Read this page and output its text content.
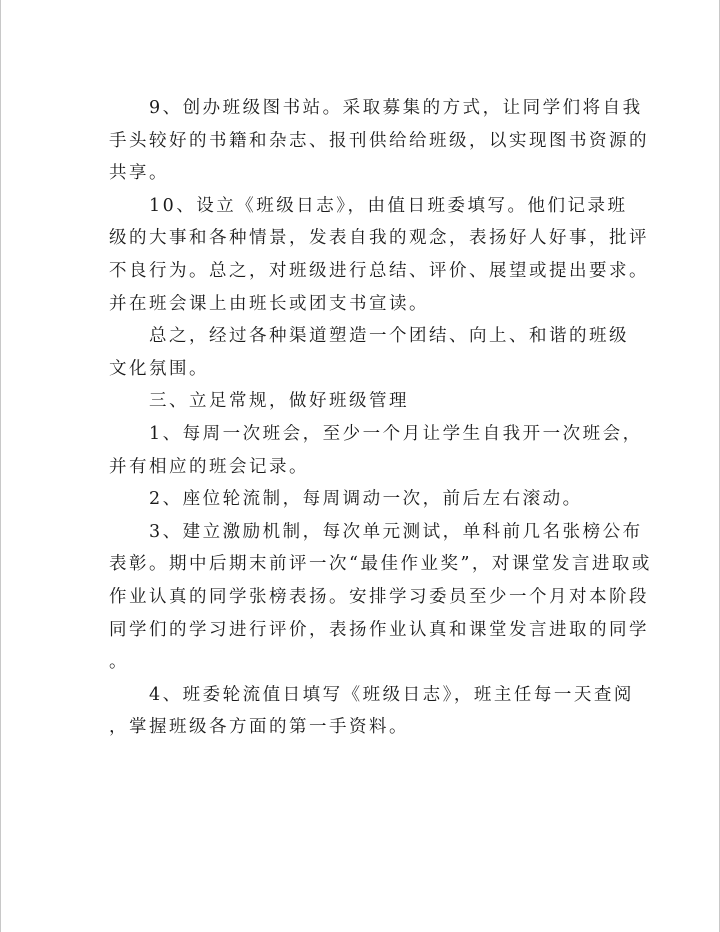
　　9、创办班级图书站。采取募集的方式，让同学们将自我
手头较好的书籍和杂志、报刊供给给班级，以实现图书资源的
共享。
　　10、设立《班级日志》，由值日班委填写。他们记录班
级的大事和各种情景，发表自我的观念，表扬好人好事，批评
不良行为。总之，对班级进行总结、评价、展望或提出要求。
并在班会课上由班长或团支书宣读。
　　总之，经过各种渠道塑造一个团结、向上、和谐的班级
文化氛围。
　　三、立足常规，做好班级管理
　　1、每周一次班会，至少一个月让学生自我开一次班会，
并有相应的班会记录。
　　2、座位轮流制，每周调动一次，前后左右滚动。
　　3、建立激励机制，每次单元测试，单科前几名张榜公布
表彰。期中后期末前评一次“最佳作业奖”，对课堂发言进取或
作业认真的同学张榜表扬。安排学习委员至少一个月对本阶段
同学们的学习进行评价，表扬作业认真和课堂发言进取的同学
。
　　4、班委轮流值日填写《班级日志》，班主任每一天查阅
，掌握班级各方面的第一手资料。
